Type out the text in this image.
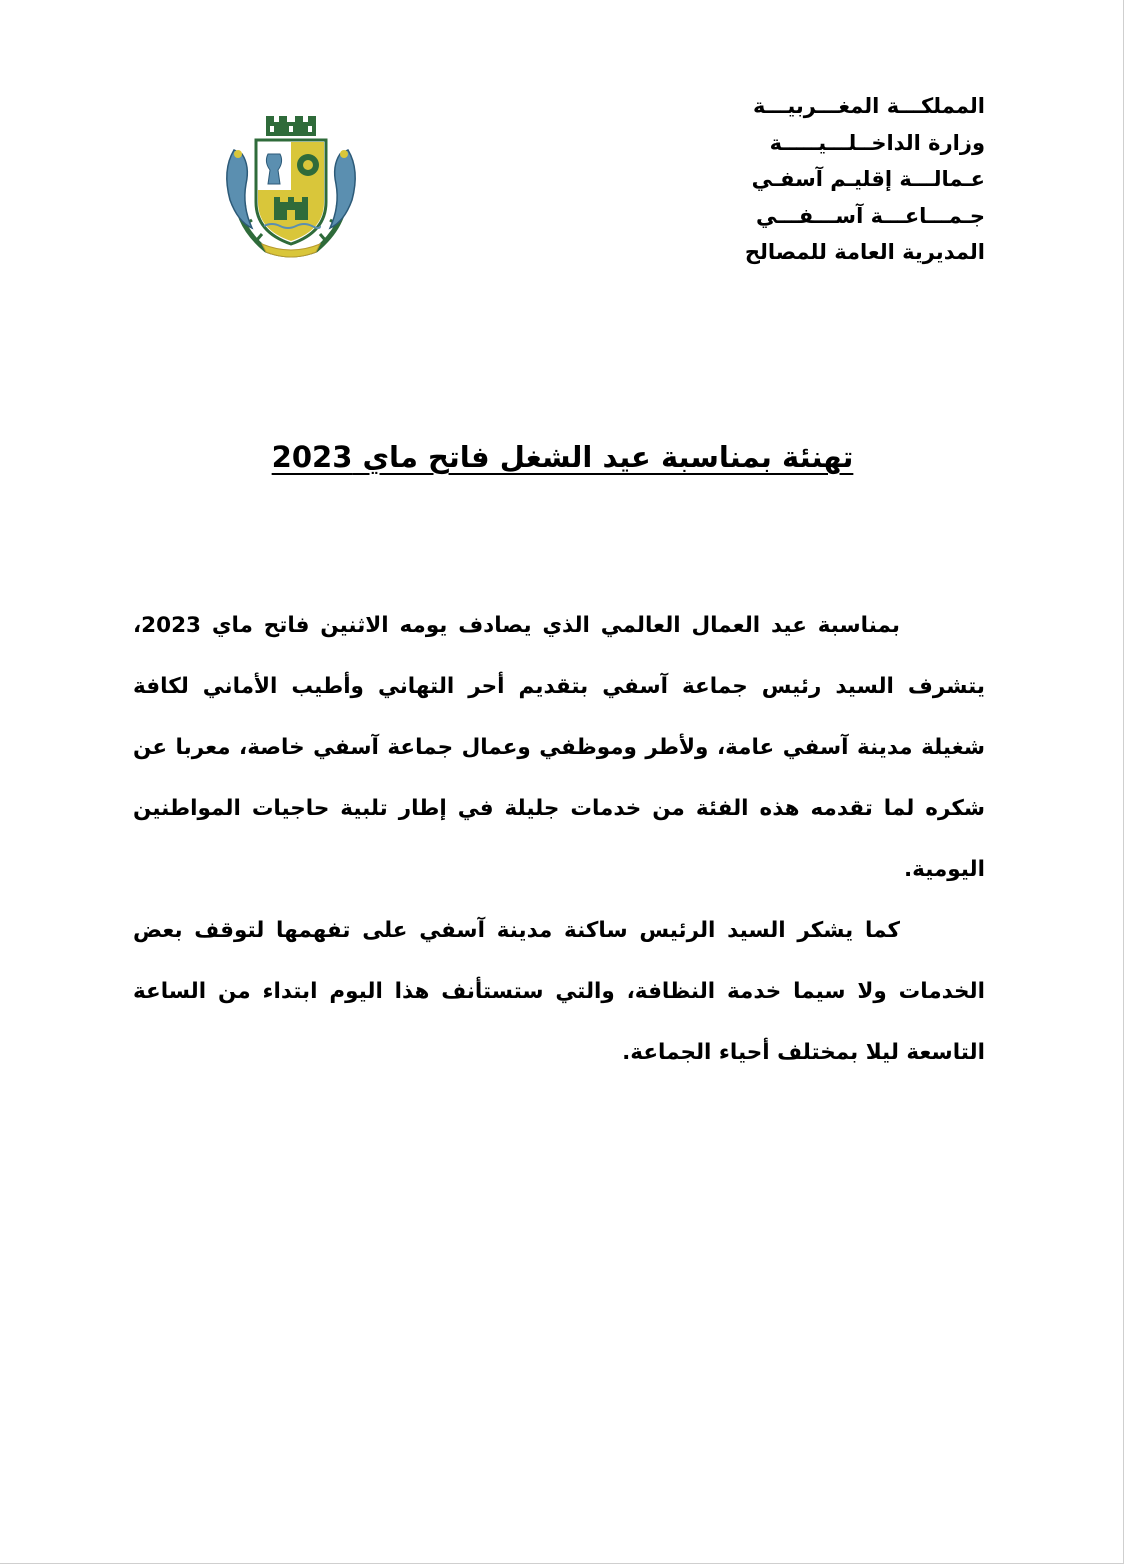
المملكـــة المغـــربيـــة
وزارة الداخــلـــيـــــة
عـمالـــة إقليـم آسفـي
جـمـــاعـــة آســـفـــي
المديرية العامة للمصالح
تهنئة بمناسبة عيد الشغل فاتح ماي 2023

بمناسبة عيد العمال العالمي الذي يصادف يومه الاثنين فاتح ماي 2023، يتشرف السيد رئيس جماعة آسفي بتقديم أحر التهاني وأطيب الأماني لكافة شغيلة مدينة آسفي عامة، ولأطر وموظفي وعمال جماعة آسفي خاصة، معربا عن شكره لما تقدمه هذه الفئة من خدمات جليلة في إطار تلبية حاجيات المواطنين اليومية.

كما يشكر السيد الرئيس ساكنة مدينة آسفي على تفهمها لتوقف بعض الخدمات ولا سيما خدمة النظافة، والتي ستستأنف هذا اليوم ابتداء من الساعة التاسعة ليلا بمختلف أحياء الجماعة.
